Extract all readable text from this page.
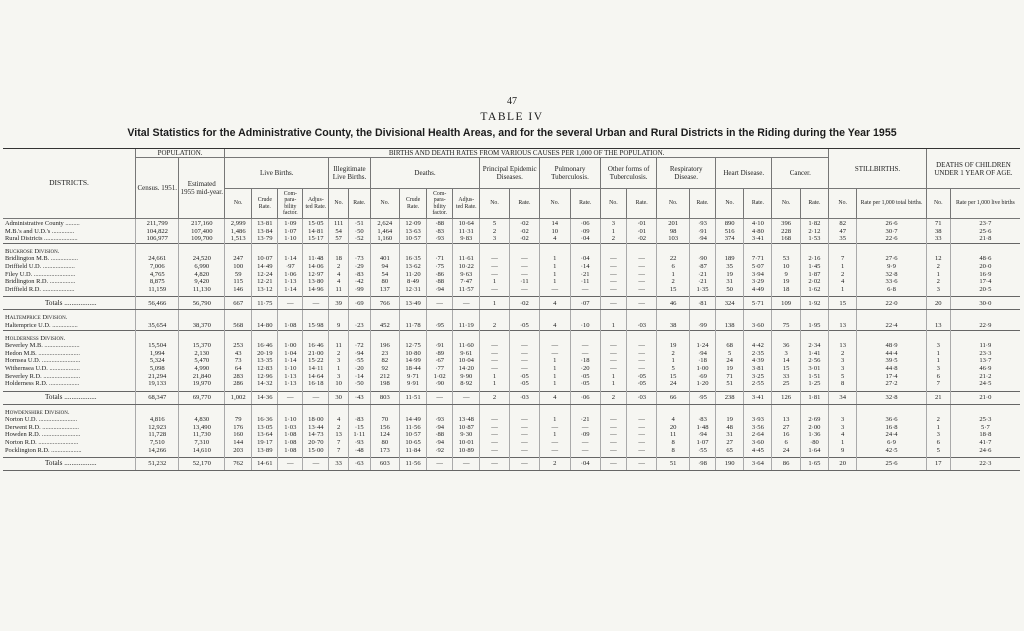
47
TABLE IV
Vital Statistics for the Administrative County, the Divisional Health Areas, and for the several Urban and Rural Districts in the Riding during the Year 1955
DISTRICTS.	POPULATION.		BIRTHS AND DEATH RATES FROM VARIOUS CAUSES PER 1,000 OF THE POPULATION.																						STILLBIRTHS.		DEATHS OF CHILDREN UNDER 1 YEAR OF AGE.	
	Census. 1951.	Estimated 1955 mid-year.	Live Births.				Illegitimate Live Births.		Deaths.				Principal Epidemic Diseases.		Pulmonary Tuberculosis.		Other forms of Tuberculosis.		Respiratory Disease.		Heart Disease.		Cancer.					
			No.	Crude Rate.	Com- para- bility factor.	Adjus- ted Rate.	No.	Rate.	No.	Crude Rate.	Com- para- bility factor.	Adjus- ted Rate.	No.	Rate.	No.	Rate.	No.	Rate.	No.	Rate.	No.	Rate.	No.	Rate.	No.	Rate per 1,000 total births.	No.	Rate per 1,000 live births
Administrative County .........	211,799	217,160	2,999	13·81	1·09	15·05	111	·51	2,624	12·09	·88	10·64	5	·02	14	·06	3	·01	201	·93	890	4·10	396	1·82	82	26·6	71	23·7
M.B.'s and U.D.'s ..............	104,822	107,400	1,486	13·84	1·07	14·81	54	·50	1,464	13·63	·83	11·31	2	·02	10	·09	1	·01	98	·91	516	4·80	228	2·12	47	30·7	38	25·6
Rural Districts .....................	106,977	109,700	1,513	13·79	1·10	15·17	57	·52	1,160	10·57	·93	9·83	3	·02	4	·04	2	·02	103	·94	374	3·41	168	1·53	35	22·6	33	21·8

Buckrose Division.																												
Bridlington M.B. .................	24,661	24,520	247	10·07	1·14	11·48	18	·73	401	16·35	·71	11·61	—	—	1	·04	—	—	22	·90	189	7·71	53	2·16	7	27·6	12	48·6
Driffield U.D. ....................	7,006	6,990	100	14·49	·97	14·06	2	·29	94	13·62	·75	10·22	—	—	1	·14	—	—	6	·87	35	5·07	10	1·45	1	9·9	2	20·0
Filey U.D. ..........................	4,765	4,820	59	12·24	1·06	12·97	4	·83	54	11·20	·86	9·63	—	—	1	·21	—	—	1	·21	19	3·94	9	1·87	2	32·8	1	16·9
Bridlington R.D. ................	8,875	9,420	115	12·21	1·13	13·80	4	·42	80	8·49	·88	7·47	1	·11	1	·11	—	—	2	·21	31	3·29	19	2·02	4	33·6	2	17·4
Driffield R.D. ....................	11,159	11,130	146	13·12	1·14	14·96	11	·99	137	12·31	·94	11·57	—	—	—	—	—	—	15	1·35	50	4·49	18	1·62	1	6·8	3	20·5

Totals ..................	56,466	56,790	667	11·75	—	—	39	·69	766	13·49	—	—	1	·02	4	·07	—	—	46	·81	324	5·71	109	1·92	15	22·0	20	30·0

Haltemprice Division.																												
Haltemprice U.D. ................	35,654	38,370	568	14·80	1·08	15·98	9	·23	452	11·78	·95	11·19	2	·05	4	·10	1	·03	38	·99	138	3·60	75	1·95	13	22·4	13	22·9

Holderness Division.																												
Beverley M.B. ......................	15,504	15,370	253	16·46	1·00	16·46	11	·72	196	12·75	·91	11·60	—	—	—	—	—	—	19	1·24	68	4·42	36	2·34	13	48·9	3	11·9
Hedon M.B. ..........................	1,994	2,130	43	20·19	1·04	21·00	2	·94	23	10·80	·89	9·61	—	—	—	—	—	—	2	·94	5	2·35	3	1·41	2	44·4	1	23·3
Hornsea U.D. ........................	5,324	5,470	73	13·35	1·14	15·22	3	·55	82	14·99	·67	10·04	—	—	1	·18	—	—	1	·18	24	4·39	14	2·56	3	39·5	1	13·7
Withernsea U.D. ...................	5,098	4,990	64	12·83	1·10	14·11	1	·20	92	18·44	·77	14·20	—	—	1	·20	—	—	5	1·00	19	3·81	15	3·01	3	44·8	3	46·9
Beverley R.D. .......................	21,294	21,840	283	12·96	1·13	14·64	3	·14	212	9·71	1·02	9·90	1	·05	1	·05	1	·05	15	·69	71	3·25	33	1·51	5	17·4	6	21·2
Holderness R.D. ...................	19,133	19,970	286	14·32	1·13	16·18	10	·50	198	9·91	·90	8·92	1	·05	1	·05	1	·05	24	1·20	51	2·55	25	1·25	8	27·2	7	24·5

Totals ..................	68,347	69,770	1,002	14·36	—	—	30	·43	803	11·51	—	—	2	·03	4	·06	2	·03	66	·95	238	3·41	126	1·81	34	32·8	21	21·0

Howdenshire Division.																												
Norton U.D. ........................	4,816	4,830	79	16·36	1·10	18·00	4	·83	70	14·49	·93	13·48	—	—	1	·21	—	—	4	·83	19	3·93	13	2·69	3	36·6	2	25·3
Derwent R.D. .......................	12,923	13,490	176	13·05	1·03	13·44	2	·15	156	11·56	·94	10·87	—	—	—	—	—	—	20	1·48	48	3·56	27	2·00	3	16·8	1	5·7
Howden R.D. ........................	11,728	11,730	160	13·64	1·08	14·73	13	1·11	124	10·57	·88	9·30	—	—	1	·09	—	—	11	·94	31	2·64	16	1·36	4	24·4	3	18·8
Norton R.D. .........................	7,510	7,310	144	19·17	1·08	20·70	7	·93	80	10·65	·94	10·01	—	—	—	—	—	—	8	1·07	27	3·60	6	·80	1	6·9	6	41·7
Pocklington R.D. ...................	14,266	14,610	203	13·89	1·08	15·00	7	·48	173	11·84	·92	10·89	—	—	—	—	—	—	8	·55	65	4·45	24	1·64	9	42·5	5	24·6

Totals ..................	51,232	52,170	762	14·61	—	—	33	·63	603	11·56	—	—	—	—	2	·04	—	—	51	·98	190	3·64	86	1·65	20	25·6	17	22·3
